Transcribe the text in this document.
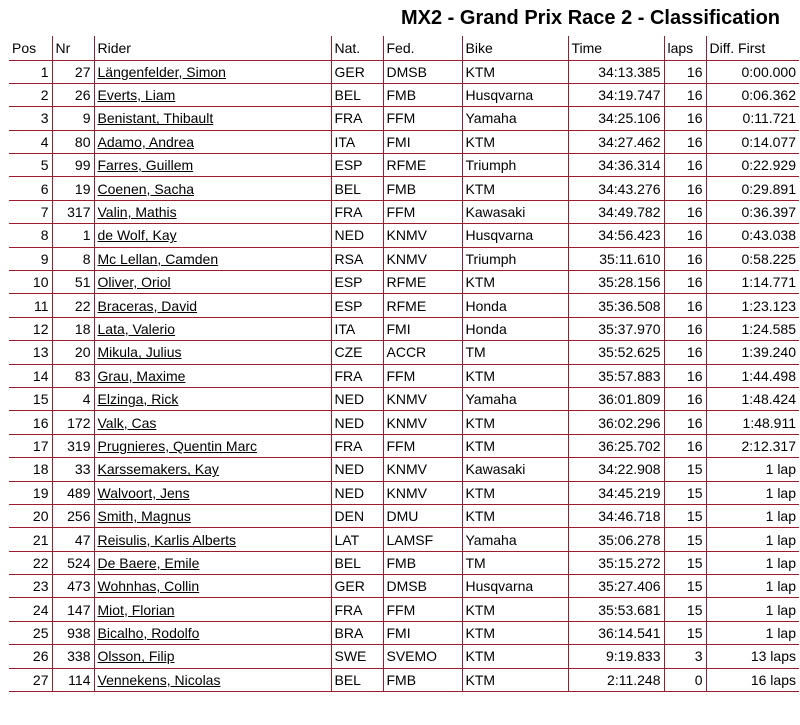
MX2 - Grand Prix Race 2 - Classification
Pos	Nr	Rider	Nat.	Fed.	Bike	Time	laps	Diff. First
1	27	Längenfelder, Simon	GER	DMSB	KTM	34:13.385	16	0:00.000
2	26	Everts, Liam	BEL	FMB	Husqvarna	34:19.747	16	0:06.362
3	9	Benistant, Thibault	FRA	FFM	Yamaha	34:25.106	16	0:11.721
4	80	Adamo, Andrea	ITA	FMI	KTM	34:27.462	16	0:14.077
5	99	Farres, Guillem	ESP	RFME	Triumph	34:36.314	16	0:22.929
6	19	Coenen, Sacha	BEL	FMB	KTM	34:43.276	16	0:29.891
7	317	Valin, Mathis	FRA	FFM	Kawasaki	34:49.782	16	0:36.397
8	1	de Wolf, Kay	NED	KNMV	Husqvarna	34:56.423	16	0:43.038
9	8	Mc Lellan, Camden	RSA	KNMV	Triumph	35:11.610	16	0:58.225
10	51	Oliver, Oriol	ESP	RFME	KTM	35:28.156	16	1:14.771
11	22	Braceras, David	ESP	RFME	Honda	35:36.508	16	1:23.123
12	18	Lata, Valerio	ITA	FMI	Honda	35:37.970	16	1:24.585
13	20	Mikula, Julius	CZE	ACCR	TM	35:52.625	16	1:39.240
14	83	Grau, Maxime	FRA	FFM	KTM	35:57.883	16	1:44.498
15	4	Elzinga, Rick	NED	KNMV	Yamaha	36:01.809	16	1:48.424
16	172	Valk, Cas	NED	KNMV	KTM	36:02.296	16	1:48.911
17	319	Prugnieres, Quentin Marc	FRA	FFM	KTM	36:25.702	16	2:12.317
18	33	Karssemakers, Kay	NED	KNMV	Kawasaki	34:22.908	15	1 lap
19	489	Walvoort, Jens	NED	KNMV	KTM	34:45.219	15	1 lap
20	256	Smith, Magnus	DEN	DMU	KTM	34:46.718	15	1 lap
21	47	Reisulis, Karlis Alberts	LAT	LAMSF	Yamaha	35:06.278	15	1 lap
22	524	De Baere, Emile	BEL	FMB	TM	35:15.272	15	1 lap
23	473	Wohnhas, Collin	GER	DMSB	Husqvarna	35:27.406	15	1 lap
24	147	Miot, Florian	FRA	FFM	KTM	35:53.681	15	1 lap
25	938	Bicalho, Rodolfo	BRA	FMI	KTM	36:14.541	15	1 lap
26	338	Olsson, Filip	SWE	SVEMO	KTM	9:19.833	3	13 laps
27	114	Vennekens, Nicolas	BEL	FMB	KTM	2:11.248	0	16 laps
